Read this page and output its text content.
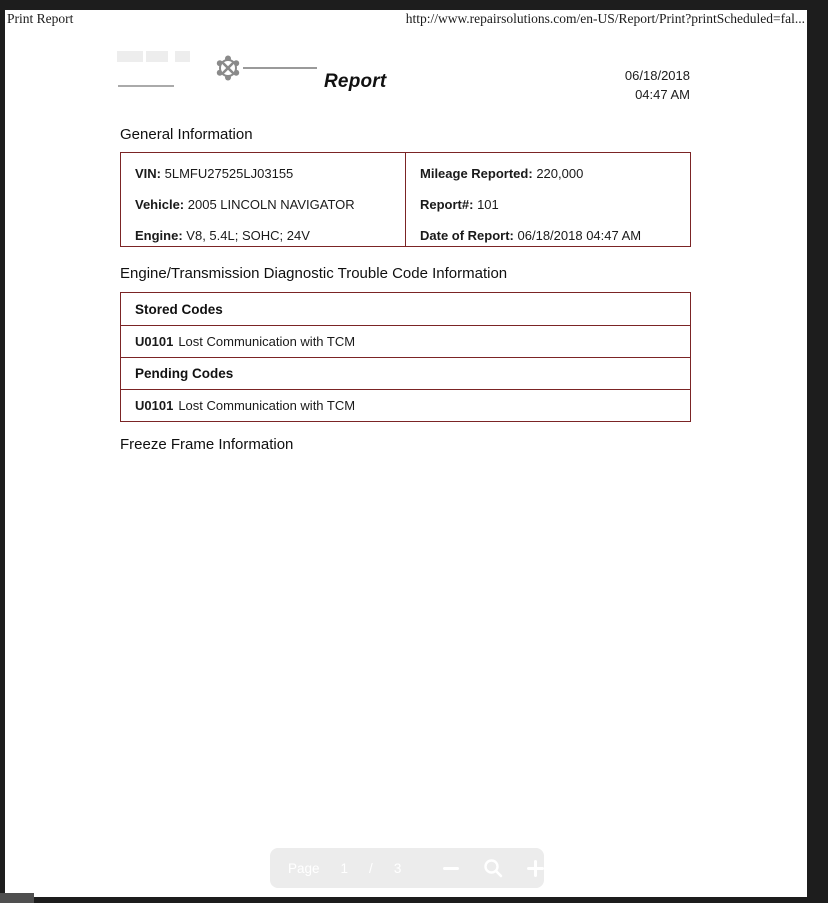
Print Report	http://www.repairsolutions.com/en-US/Report/Print?printScheduled=fal...
Report	06/18/2018
04:47 AM
General Information
VIN: 5LMFU27525LJ03155
Vehicle: 2005 LINCOLN NAVIGATOR
Engine: V8, 5.4L; SOHC; 24V
Mileage Reported: 220,000
Report#: 101
Date of Report: 06/18/2018 04:47 AM
Engine/Transmission Diagnostic Trouble Code Information
Stored Codes
U0101 Lost Communication with TCM
Pending Codes
U0101 Lost Communication with TCM
Freeze Frame Information
Page 1 / 3
